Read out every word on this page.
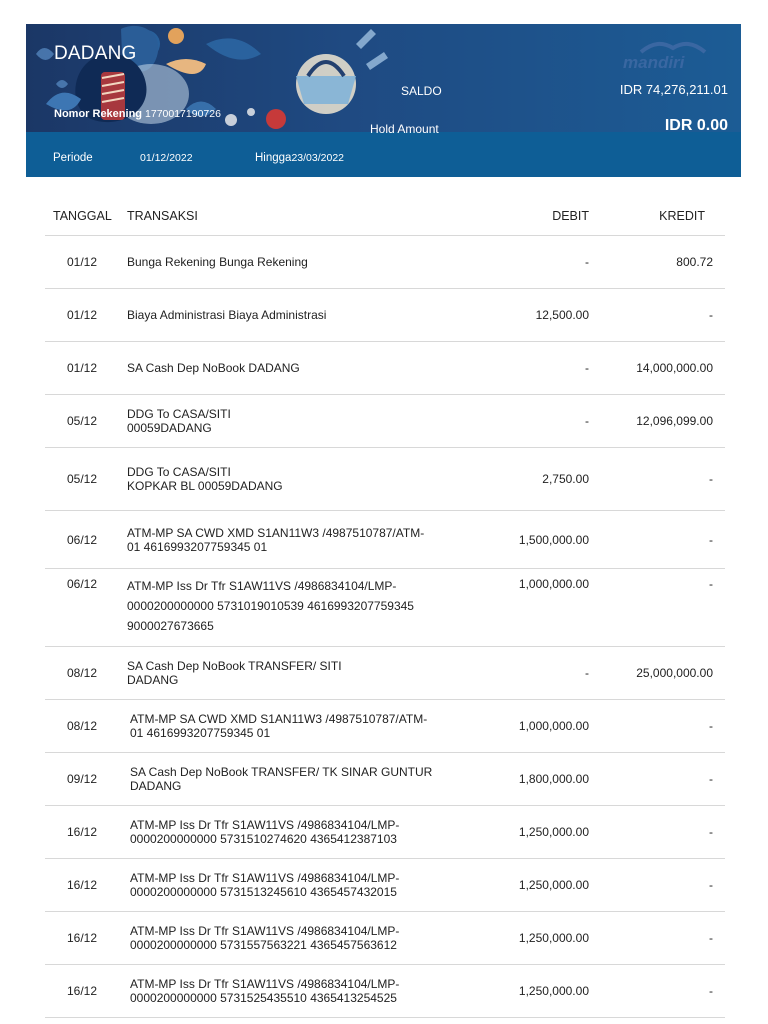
DADANG
Nomor Rekening 1770017190726
SALDO	IDR 74,276,211.01
Hold Amount	IDR 0.00
mandiri
Periode	01/12/2022	Hingga23/03/2022
TANGGAL TRANSAKSI	DEBIT	KREDIT
01/12 Bunga Rekening Bunga Rekening	-	800.72
01/12 Biaya Administrasi Biaya Administrasi	12,500.00	-
01/12 SA Cash Dep NoBook DADANG	-	14,000,000.00
05/12 DDG To CASA/SITI
00059DADANG	-	12,096,099.00
05/12 DDG To CASA/SITI
KOPKAR BL 00059DADANG	2,750.00	-
06/12 ATM-MP SA CWD XMD S1AN11W3 /4987510787/ATM-
01 4616993207759345 01	1,500,000.00	-
06/12 ATM-MP Iss Dr Tfr S1AW11VS /4986834104/LMP-
0000200000000 5731019010539 4616993207759345
9000027673665
1,000,000.00	-
08/12 SA Cash Dep NoBook TRANSFER/ SITI
DADANG	-	25,000,000.00
08/12	ATM-MP SA CWD XMD S1AN11W3 /4987510787/ATM-
01 4616993207759345 01	1,000,000.00	-
09/12	SA Cash Dep NoBook TRANSFER/ TK SINAR GUNTUR
DADANG	1,800,000.00	-
16/12	ATM-MP Iss Dr Tfr S1AW11VS /4986834104/LMP-
0000200000000 5731510274620 4365412387103	1,250,000.00	-
16/12	ATM-MP Iss Dr Tfr S1AW11VS /4986834104/LMP-
0000200000000 5731513245610 4365457432015	1,250,000.00	-
16/12	ATM-MP Iss Dr Tfr S1AW11VS /4986834104/LMP-
0000200000000 5731557563221 4365457563612	1,250,000.00	-
16/12	ATM-MP Iss Dr Tfr S1AW11VS /4986834104/LMP-
0000200000000 5731525435510 4365413254525	1,250,000.00	-
